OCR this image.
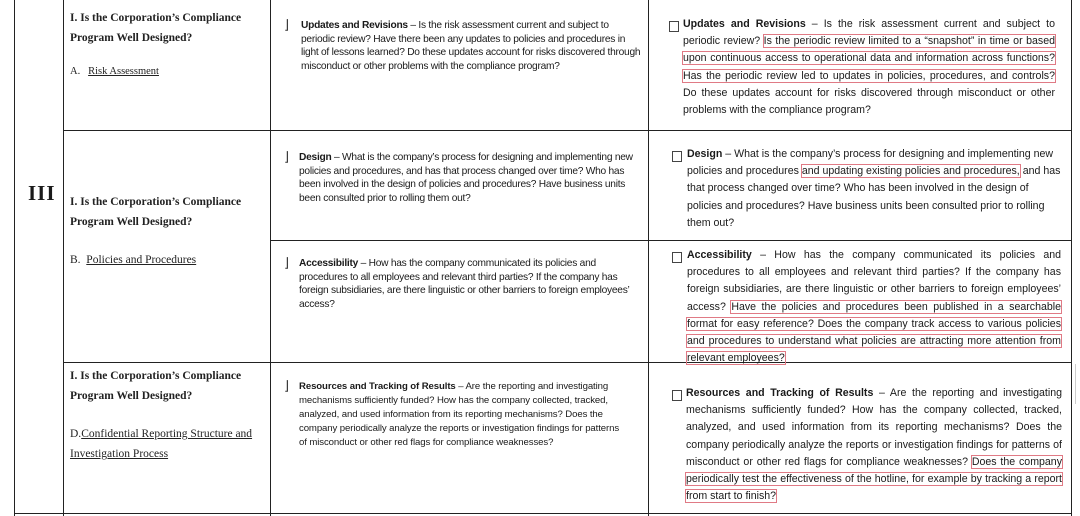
III
I. Is the Corporation’s Compliance Program Well Designed?
A. Risk Assessment
⌋ Updates and Revisions – Is the risk assessment current and subject to periodic review? Have there been any updates to policies and procedures in light of lessons learned? Do these updates account for risks discovered through misconduct or other problems with the compliance program?
Updates and Revisions – Is the risk assessment current and subject to periodic review? Is the periodic review limited to a “snapshot” in time or based upon continuous access to operational data and information across functions? Has the periodic review led to updates in policies, procedures, and controls? Do these updates account for risks discovered through misconduct or other problems with the compliance program?
I. Is the Corporation’s Compliance Program Well Designed?
B. Policies and Procedures
⌋ Design – What is the company’s process for designing and implementing new policies and procedures, and has that process changed over time? Who has been involved in the design of policies and procedures? Have business units been consulted prior to rolling them out?
Design – What is the company’s process for designing and implementing new policies and procedures and updating existing policies and procedures, and has that process changed over time? Who has been involved in the design of policies and procedures? Have business units been consulted prior to rolling them out?
⌋ Accessibility – How has the company communicated its policies and procedures to all employees and relevant third parties? If the company has foreign subsidiaries, are there linguistic or other barriers to foreign employees’ access?
Accessibility – How has the company communicated its policies and procedures to all employees and relevant third parties? If the company has foreign subsidiaries, are there linguistic or other barriers to foreign employees’ access? Have the policies and procedures been published in a searchable format for easy reference? Does the company track access to various policies and procedures to understand what policies are attracting more attention from relevant employees?
I. Is the Corporation’s Compliance Program Well Designed?
D.Confidential Reporting Structure and Investigation Process
⌋ Resources and Tracking of Results – Are the reporting and investigating mechanisms sufficiently funded? How has the company collected, tracked, analyzed, and used information from its reporting mechanisms? Does the company periodically analyze the reports or investigation findings for patterns of misconduct or other red flags for compliance weaknesses?
Resources and Tracking of Results – Are the reporting and investigating mechanisms sufficiently funded? How has the company collected, tracked, analyzed, and used information from its reporting mechanisms? Does the company periodically analyze the reports or investigation findings for patterns of misconduct or other red flags for compliance weaknesses? Does the company periodically test the effectiveness of the hotline, for example by tracking a report from start to finish?
